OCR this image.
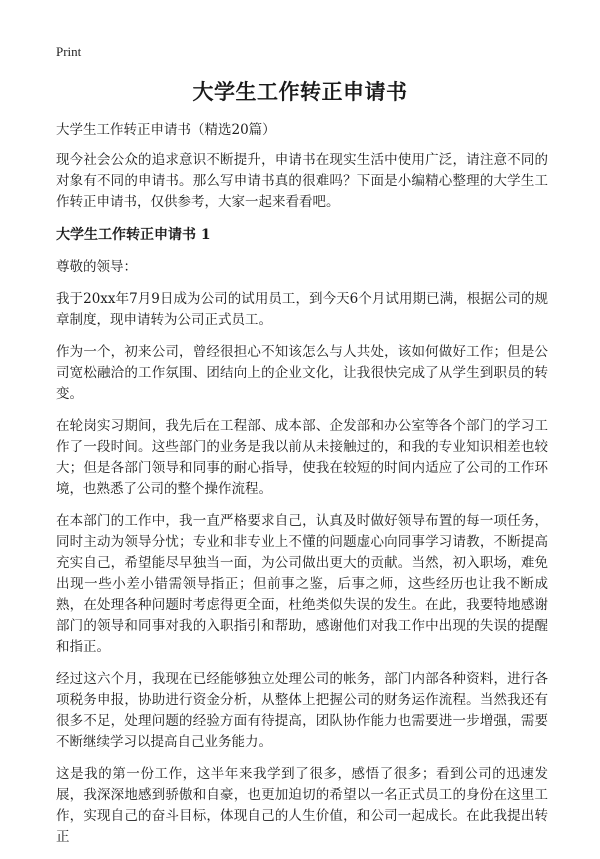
Print
大学生工作转正申请书
大学生工作转正申请书（精选20篇）

现今社会公众的追求意识不断提升，申请书在现实生活中使用广泛，请注意不同的对象有不同的申请书。那么写申请书真的很难吗？下面是小编精心整理的大学生工作转正申请书，仅供参考，大家一起来看看吧。

大学生工作转正申请书 1

尊敬的领导：

我于20xx年7月9日成为公司的试用员工，到今天6个月试用期已满，根据公司的规章制度，现申请转为公司正式员工。

作为一个，初来公司，曾经很担心不知该怎么与人共处，该如何做好工作；但是公司宽松融洽的工作氛围、团结向上的企业文化，让我很快完成了从学生到职员的转变。

在轮岗实习期间，我先后在工程部、成本部、企发部和办公室等各个部门的学习工作了一段时间。这些部门的业务是我以前从未接触过的，和我的专业知识相差也较大；但是各部门领导和同事的耐心指导，使我在较短的时间内适应了公司的工作环境，也熟悉了公司的整个操作流程。

在本部门的工作中，我一直严格要求自己，认真及时做好领导布置的每一项任务，同时主动为领导分忧；专业和非专业上不懂的问题虚心向同事学习请教，不断提高充实自己，希望能尽早独当一面，为公司做出更大的贡献。当然，初入职场，难免出现一些小差小错需领导指正；但前事之鉴，后事之师，这些经历也让我不断成熟，在处理各种问题时考虑得更全面，杜绝类似失误的发生。在此，我要特地感谢部门的领导和同事对我的入职指引和帮助，感谢他们对我工作中出现的失误的提醒和指正。

经过这六个月，我现在已经能够独立处理公司的帐务，部门内部各种资料，进行各项税务申报，协助进行资金分析，从整体上把握公司的财务运作流程。当然我还有很多不足，处理问题的经验方面有待提高，团队协作能力也需要进一步增强，需要不断继续学习以提高自己业务能力。

这是我的第一份工作，这半年来我学到了很多，感悟了很多；看到公司的迅速发展，我深深地感到骄傲和自豪，也更加迫切的希望以一名正式员工的身份在这里工作，实现自己的奋斗目标，体现自己的人生价值，和公司一起成长。在此我提出转正
